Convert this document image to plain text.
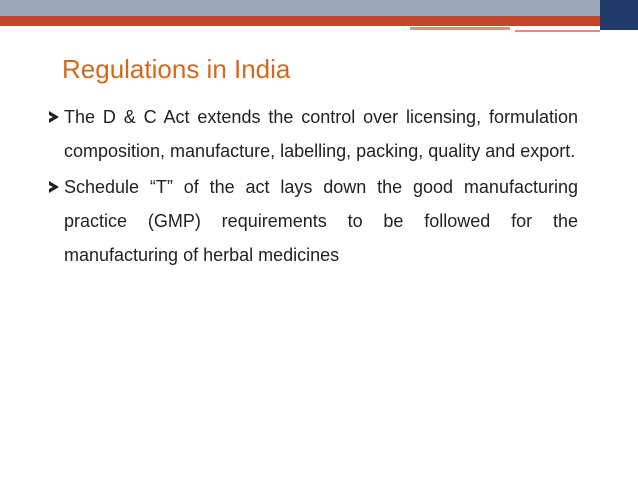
Regulations in India
The D & C Act extends the control over licensing, formulation composition, manufacture, labelling, packing, quality and export.
Schedule “T” of the act lays down the good manufacturing practice (GMP) requirements to be followed for the manufacturing of herbal medicines
